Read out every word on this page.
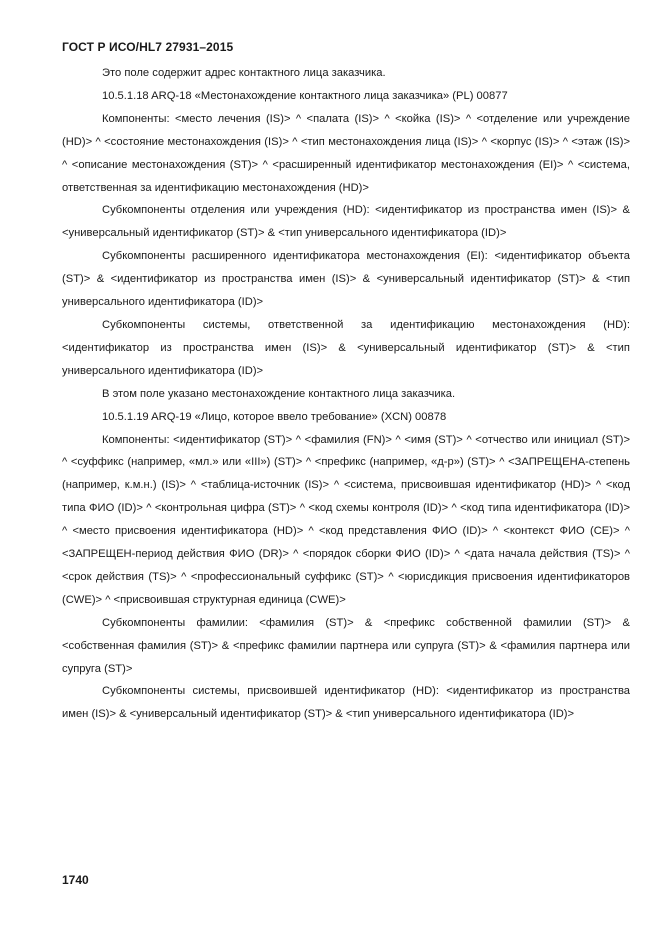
ГОСТ Р ИСО/HL7 27931–2015

Это поле содержит адрес контактного лица заказчика.

10.5.1.18 ARQ-18 «Местонахождение контактного лица заказчика» (PL) 00877

Компоненты: <место лечения (IS)> ^ <палата (IS)> ^ <койка (IS)> ^ <отделение или учреждение (HD)> ^ <состояние местонахождения (IS)> ^ <тип местонахождения лица (IS)> ^ <корпус (IS)> ^ <этаж (IS)> ^ <описание местонахождения (ST)> ^ <расширенный идентификатор местонахождения (EI)> ^ <система, ответственная за идентификацию местонахождения (HD)>

Субкомпоненты отделения или учреждения (HD): <идентификатор из пространства имен (IS)> & <универсальный идентификатор (ST)> & <тип универсального идентификатора (ID)>

Субкомпоненты расширенного идентификатора местонахождения (EI): <идентификатор объекта (ST)> & <идентификатор из пространства имен (IS)> & <универсальный идентификатор (ST)> & <тип универсального идентификатора (ID)>

Субкомпоненты системы, ответственной за идентификацию местонахождения (HD): <идентификатор из пространства имен (IS)> & <универсальный идентификатор (ST)> & <тип универсального идентификатора (ID)>

В этом поле указано местонахождение контактного лица заказчика.

10.5.1.19 ARQ-19 «Лицо, которое ввело требование» (XCN) 00878

Компоненты: <идентификатор (ST)> ^ <фамилия (FN)> ^ <имя (ST)> ^ <отчество или инициал (ST)> ^ <суффикс (например, «мл.» или «III») (ST)> ^ <префикс (например, «д-р») (ST)> ^ <ЗАПРЕЩЕНА-степень (например, к.м.н.) (IS)> ^ <таблица-источник (IS)> ^ <система, присвоившая идентификатор (HD)> ^ <код типа ФИО (ID)> ^ <контрольная цифра (ST)> ^ <код схемы контроля (ID)> ^ <код типа идентификатора (ID)> ^ <место присвоения идентификатора (HD)> ^ <код представления ФИО (ID)> ^ <контекст ФИО (CE)> ^ <ЗАПРЕЩЕН-период действия ФИО (DR)> ^ <порядок сборки ФИО (ID)> ^ <дата начала действия (TS)> ^ <срок действия (TS)> ^ <профессиональный суффикс (ST)> ^ <юрисдикция присвоения идентификаторов (CWE)> ^ <присвоившая структурная единица (CWE)>

Субкомпоненты фамилии: <фамилия (ST)> & <префикс собственной фамилии (ST)> & <собственная фамилия (ST)> & <префикс фамилии партнера или супруга (ST)> & <фамилия партнера или супруга (ST)>

Субкомпоненты системы, присвоившей идентификатор (HD): <идентификатор из пространства имен (IS)> & <универсальный идентификатор (ST)> & <тип универсального идентификатора (ID)>

1740
